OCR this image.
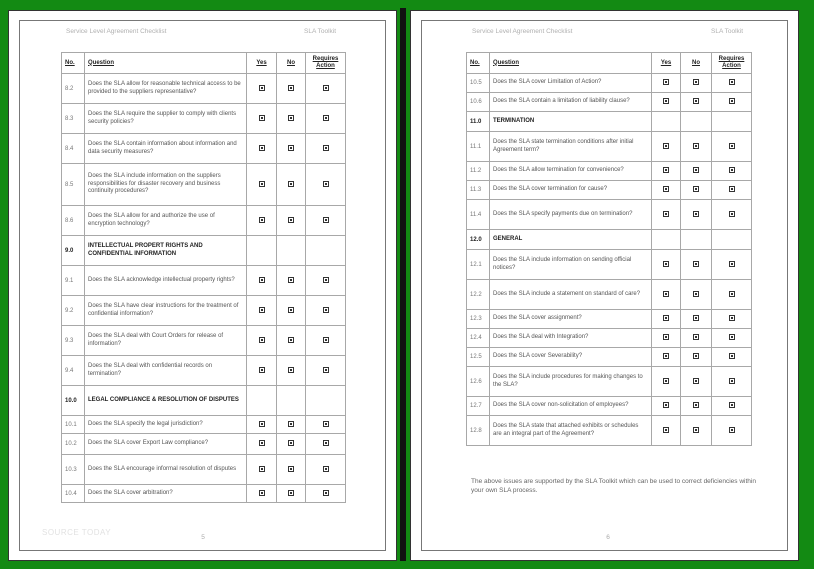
Service Level Agreement Checklist	SLA Toolkit
SOURCE TODAY
5
Service Level Agreement Checklist	SLA Toolkit
6
No.	Question	Yes	No	Requires Action
8.2	Does the SLA allow for reasonable technical access to be provided to the suppliers representative?			
8.3	Does the SLA require the supplier to comply with clients security policies?			
8.4	Does the SLA contain information about information and data security measures?			
8.5	Does the SLA include information on the suppliers responsibilities for disaster recovery and business continuity procedures?			
8.6	Does the SLA allow for and authorize the use of encryption technology?			
9.0	INTELLECTUAL PROPERT RIGHTS AND CONFIDENTIAL INFORMATION			
9.1	Does the SLA acknowledge intellectual property rights?			
9.2	Does the SLA have clear instructions for the treatment of confidential information?			
9.3	Does the SLA deal with Court Orders for release of information?			
9.4	Does the SLA deal with confidential records on termination?			
10.0	LEGAL COMPLIANCE & RESOLUTION OF DISPUTES			
10.1	Does the SLA specify the legal jurisdiction?			
10.2	Does the SLA cover Export Law compliance?			
10.3	Does the SLA encourage informal resolution of disputes			
10.4	Does the SLA cover arbitration?			
No.	Question	Yes	No	Requires Action
10.5	Does the SLA cover Limitation of Action?			
10.6	Does the SLA contain a limitation of liability clause?			
11.0	TERMINATION			
11.1	Does the SLA state termination conditions after initial Agreement term?			
11.2	Does the SLA allow termination for convenience?			
11.3	Does the SLA cover termination for cause?			
11.4	Does the SLA specify payments due on termination?			
12.0	GENERAL			
12.1	Does the SLA include information on sending official notices?			
12.2	Does the SLA include a statement on standard of care?			
12.3	Does the SLA cover assignment?			
12.4	Does the SLA deal with Integration?			
12.5	Does the SLA cover Severability?			
12.6	Does the SLA include procedures for making changes to the SLA?			
12.7	Does the SLA cover non-solicitation of employees?			
12.8	Does the SLA state that attached exhibits or schedules are an integral part of the Agreement?			
The above issues are supported by the SLA Toolkit which can be used to correct deficiencies within your own SLA process.
